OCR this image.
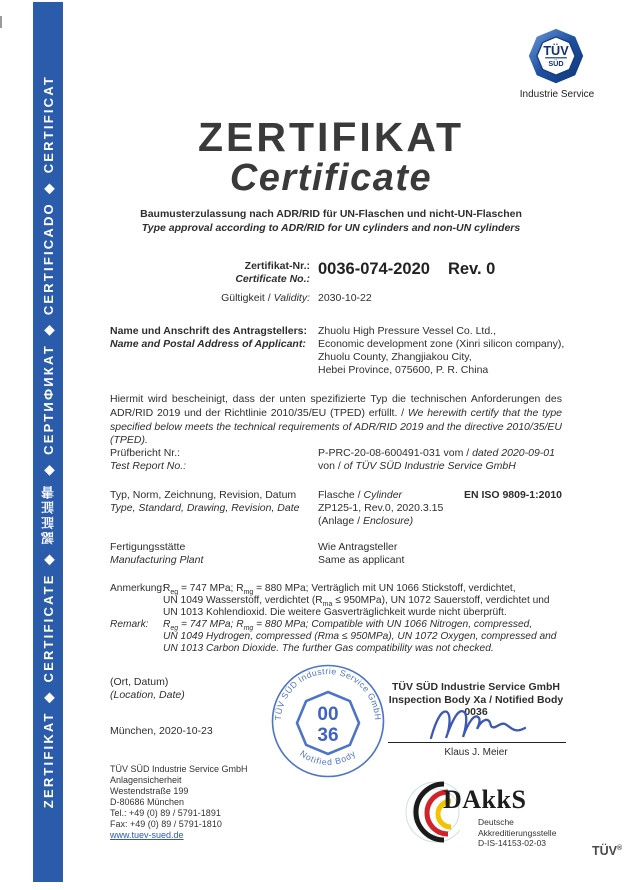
ZERTIFIKAT ◆ CERTIFICATE ◆ 認証証書 ◆ СЕРТИФИКАТ ◆ CERTIFICADO ◆ CERTIFICAT
TÜV
SÜD
Industrie Service
ZERTIFIKAT
Certificate
Baumusterzulassung nach ADR/RID für UN-Flaschen und nicht-UN-Flaschen
Type approval according to ADR/RID for UN cylinders and non-UN cylinders
Zertifikat-Nr.:
Certificate No.:
0036-074-2020 Rev. 0
Gültigkeit / Validity: 2030-10-22
Name und Anschrift des Antragstellers:
Name and Postal Address of Applicant:
Zhuolu High Pressure Vessel Co. Ltd.,
Economic development zone (Xinri silicon company),
Zhuolu County, Zhangjiakou City,
Hebei Province, 075600, P. R. China
Hiermit wird bescheinigt, dass der unten spezifizierte Typ die technischen Anforderungen des ADR/RID 2019 und der Richtlinie 2010/35/EU (TPED) erfüllt. / We herewith certify that the type specified below meets the technical requirements of ADR/RID 2019 and the directive 2010/35/EU (TPED).
Prüfbericht Nr.:
Test Report No.:
P-PRC-20-08-600491-031 vom / dated 2020-09-01
von / of TÜV SÜD Industrie Service GmbH
Typ, Norm, Zeichnung, Revision, Datum
Type, Standard, Drawing, Revision, Date
Flasche / Cylinder
ZP125-1, Rev.0, 2020.3.15
(Anlage / Enclosure)
EN ISO 9809-1:2010
Fertigungsstätte
Manufacturing Plant
Wie Antragsteller
Same as applicant
Anmerkung:
Remark:
$R_{eg} = 747$ MPa; $R_{mg} = 880$ MPa; Verträglich mit UN 1066 Stickstoff, verdichtet,
UN 1049 Wasserstoff, verdichtet $(R_{ma} \le 950MPa)$, UN 1072 Sauerstoff, verdichtet und
UN 1013 Kohlendioxid. Die weitere Gasverträglichkeit wurde nicht überprüft.
$R_{eg} = 747$ MPa; $R_{mg} = 880$ MPa; Compatible with UN 1066 Nitrogen, compressed,
UN 1049 Hydrogen, compressed (Rma ≤ 950MPa), UN 1072 Oxygen, compressed and
UN 1013 Carbon Dioxide. The further Gas compatibility was not checked.
(Ort, Datum)
(Location, Date)
München, 2020-10-23
TÜV SÜD Industrie Service GmbH
Notified Body
00
36
TÜV SÜD Industrie Service GmbH
Inspection Body Xa / Notified Body 0036
Klaus J. Meier
TÜV SÜD Industrie Service GmbH
Anlagensicherheit
Westendstraße 199
D-80686 München
Tel.: +49 (0) 89 / 5791-1891
Fax: +49 (0) 89 / 5791-1810
www.tuev-sued.de
DAkkS
Deutsche
Akkreditierungsstelle
D-IS-14153-02-03
TÜV®
